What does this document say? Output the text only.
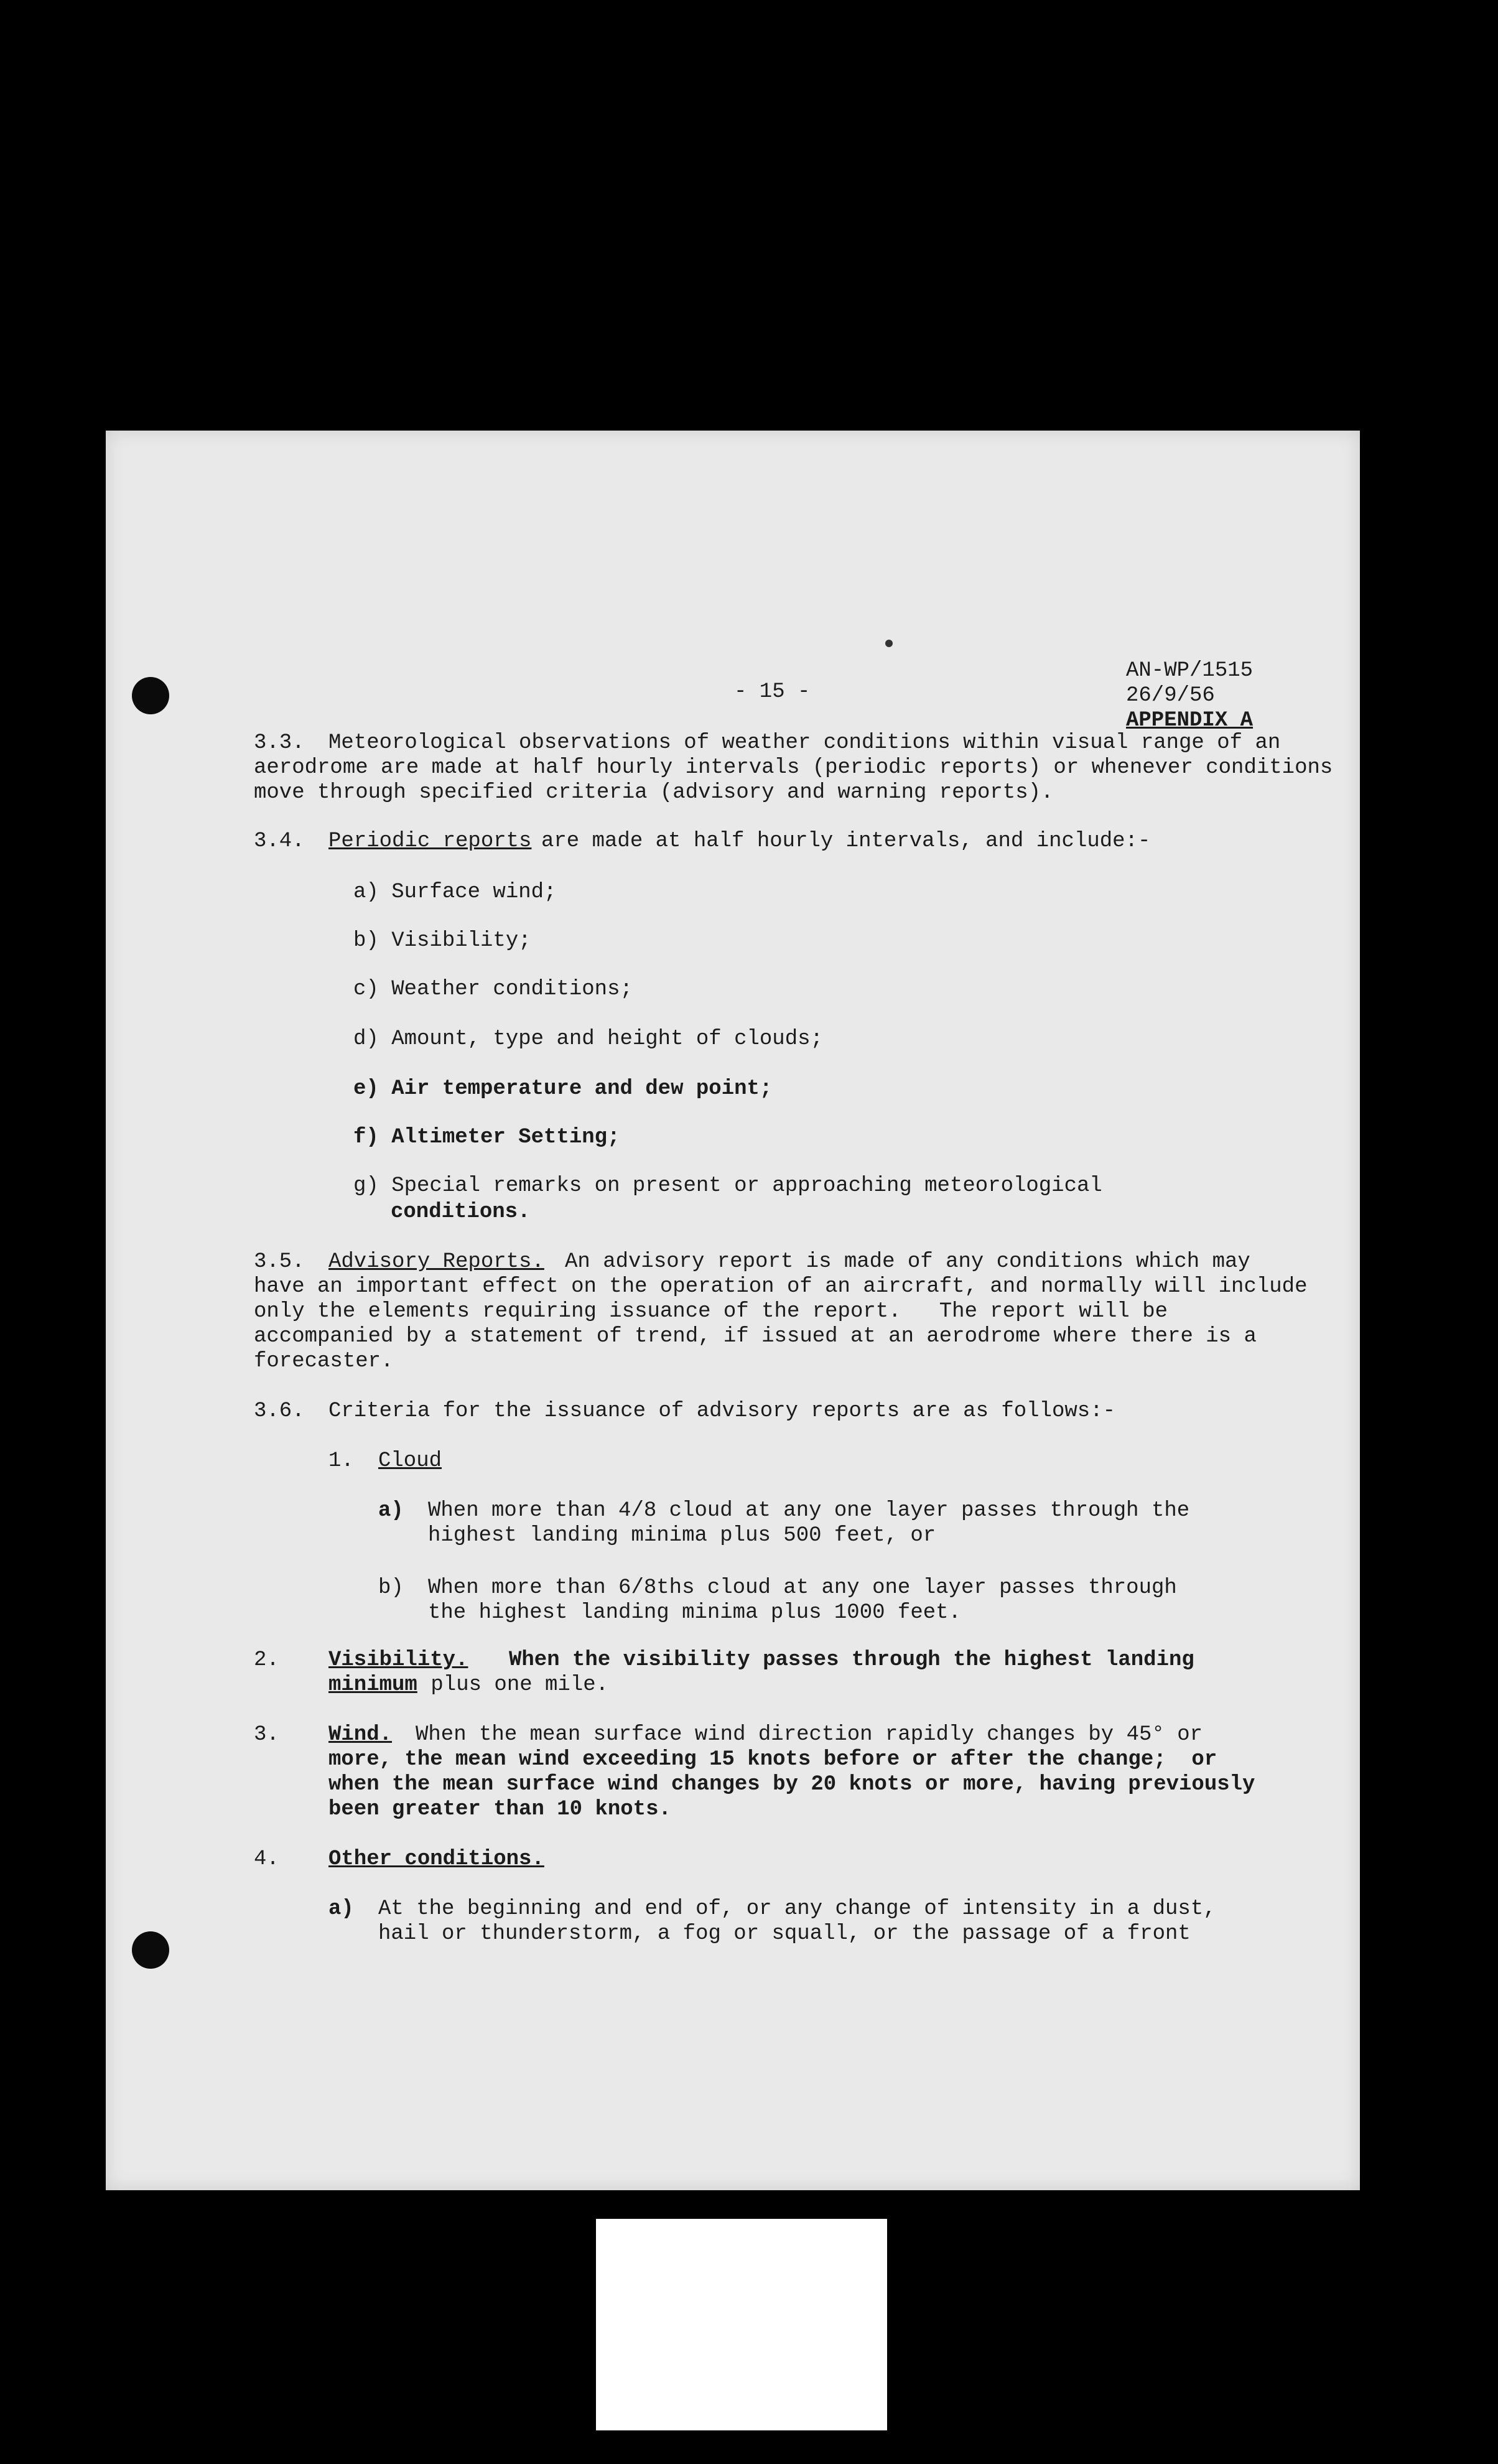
- 15 -
AN-WP/1515
26/9/56
APPENDIX A
3.3. Meteorological observations of weather conditions within visual range of an
aerodrome are made at half hourly intervals (periodic reports) or whenever conditions
move through specified criteria (advisory and warning reports).
3.4. Periodic reports are made at half hourly intervals, and include:-
a) Surface wind;
b) Visibility;
c) Weather conditions;
d) Amount, type and height of clouds;
e) Air temperature and dew point;
f) Altimeter Setting;
g) Special remarks on present or approaching meteorological
conditions.
3.5. Advisory Reports. An advisory report is made of any conditions which may
have an important effect on the operation of an aircraft, and normally will include
only the elements requiring issuance of the report.   The report will be
accompanied by a statement of trend, if issued at an aerodrome where there is a
forecaster.
3.6. Criteria for the issuance of advisory reports are as follows:-
1. Cloud
a) When more than 4/8 cloud at any one layer passes through the
highest landing minima plus 500 feet, or
b) When more than 6/8ths cloud at any one layer passes through
the highest landing minima plus 1000 feet.
2. Visibility. When the visibility passes through the highest landing
minimum plus one mile.
3. Wind. When the mean surface wind direction rapidly changes by 45° or
more, the mean wind exceeding 15 knots before or after the change;  or
when the mean surface wind changes by 20 knots or more, having previously
been greater than 10 knots.
4. Other conditions.
a) At the beginning and end of, or any change of intensity in a dust,
hail or thunderstorm, a fog or squall, or the passage of a front
